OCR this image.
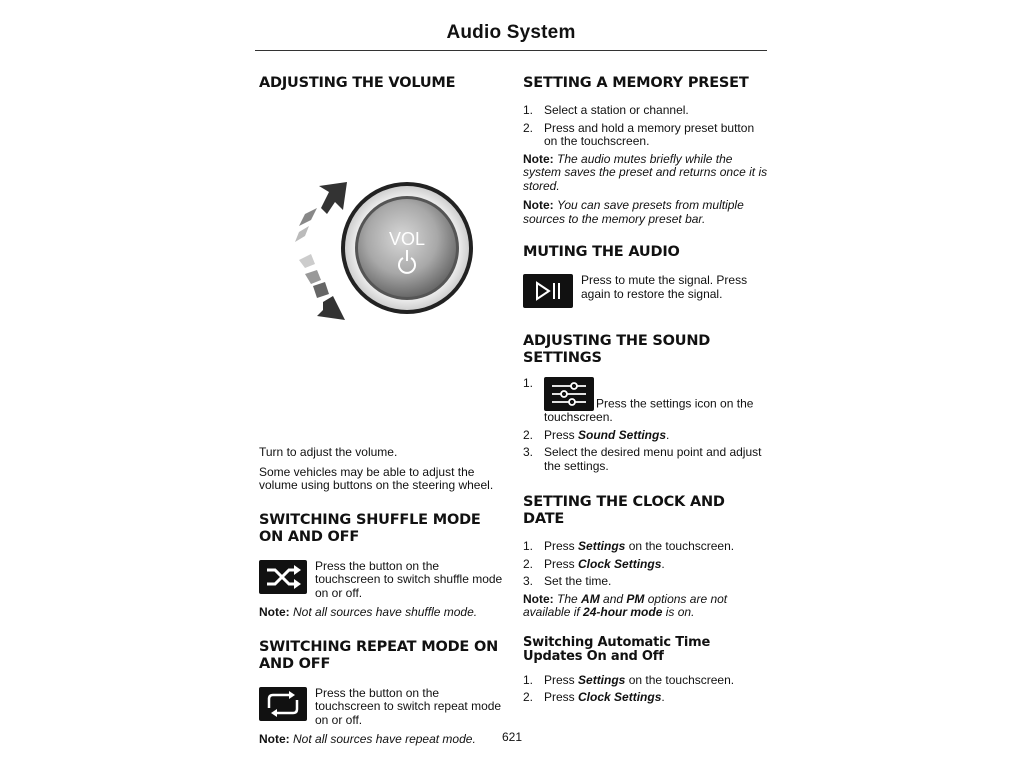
Audio System
ADJUSTING THE VOLUME
VOL

Turn to adjust the volume.

Some vehicles may be able to adjust the volume using buttons on the steering wheel.

SWITCHING SHUFFLE MODE
ON AND OFF

Press the button on the touchscreen to switch shuffle mode on or off.

Note: Not all sources have shuffle mode.

SWITCHING REPEAT MODE ON
AND OFF

Press the button on the touchscreen to switch repeat mode on or off.

Note: Not all sources have repeat mode.

SETTING A MEMORY PRESET
1. Select a station or channel.
2. Press and hold a memory preset button on the touchscreen.

Note: The audio mutes briefly while the system saves the preset and returns once it is stored.

Note: You can save presets from multiple sources to the memory preset bar.

MUTING THE AUDIO

Press to mute the signal. Press again to restore the signal.

ADJUSTING THE SOUND
SETTINGS
1.
Press the settings icon on the touchscreen.
2. Press Sound Settings.
3. Select the desired menu point and adjust the settings.
SETTING THE CLOCK AND
DATE
1. Press Settings on the touchscreen.
2. Press Clock Settings.
3. Set the time.

Note: The AM and PM options are not available if 24-hour mode is on.

Switching Automatic Time
Updates On and Off
1. Press Settings on the touchscreen.
2. Press Clock Settings.
621
